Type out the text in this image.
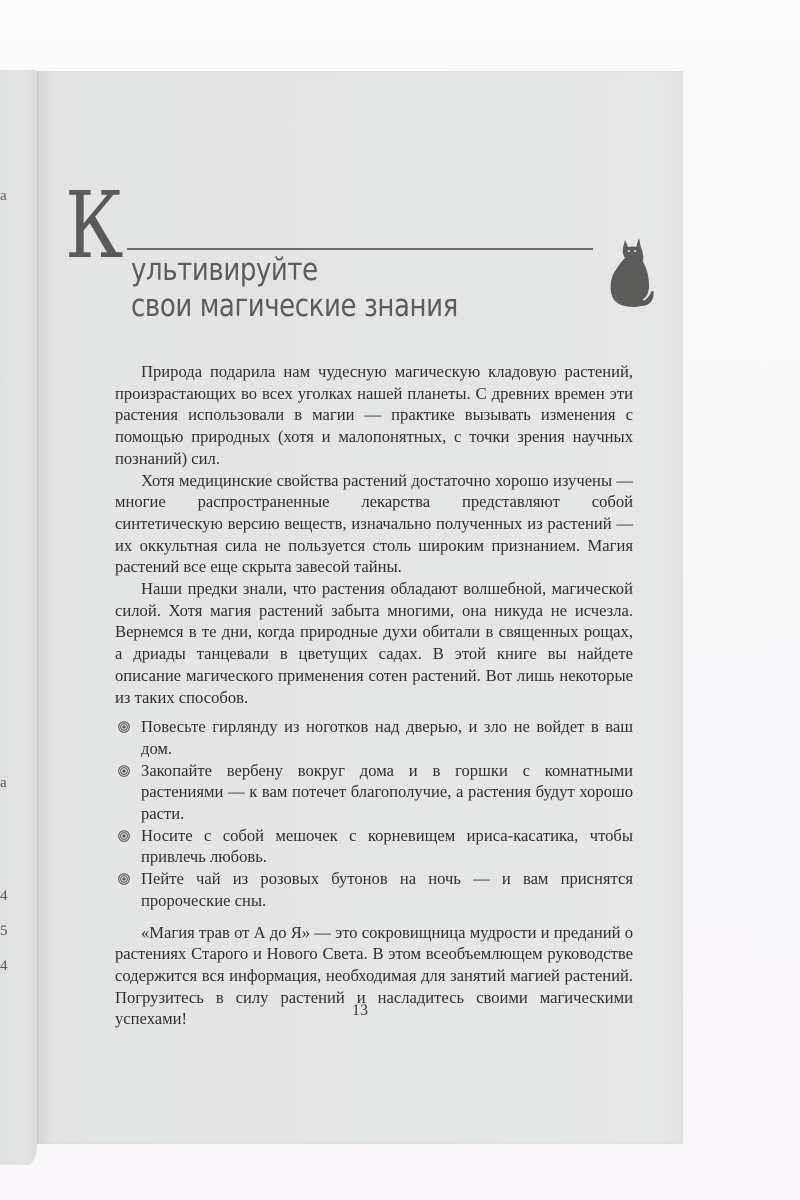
a
a
4
5
4
К ультивируйте
свои магические знания

Природа подарила нам чудесную магическую кладовую растений, произрастающих во всех уголках нашей планеты. С древних времен эти растения использовали в магии — практике вызывать изменения с помощью природных (хотя и малопонятных, с точки зрения научных познаний) сил.

Хотя медицинские свойства растений достаточно хорошо изучены — многие распространенные лекарства представляют собой синтетическую версию веществ, изначально полученных из растений — их оккультная сила не пользуется столь широким признанием. Магия растений все еще скрыта завесой тайны.

Наши предки знали, что растения обладают волшебной, магической силой. Хотя магия растений забыта многими, она никуда не исчезла. Вернемся в те дни, когда природные духи обитали в священных рощах, а дриады танцевали в цветущих садах. В этой книге вы найдете описание магического применения сотен растений. Вот лишь некоторые из таких способов.

Повесьте гирлянду из ноготков над дверью, и зло не войдет в ваш дом.
Закопайте вербену вокруг дома и в горшки с комнатными растениями — к вам потечет благополучие, а растения будут хорошо расти.
Носите с собой мешочек с корневищем ириса-касатика, чтобы привлечь любовь.
Пейте чай из розовых бутонов на ночь — и вам приснятся пророческие сны.

«Магия трав от А до Я» — это сокровищница мудрости и преданий о растениях Старого и Нового Света. В этом всеобъемлющем руководстве содержится вся информация, необходимая для занятий магией растений. Погрузитесь в силу растений и насладитесь своими магическими успехами!	13
